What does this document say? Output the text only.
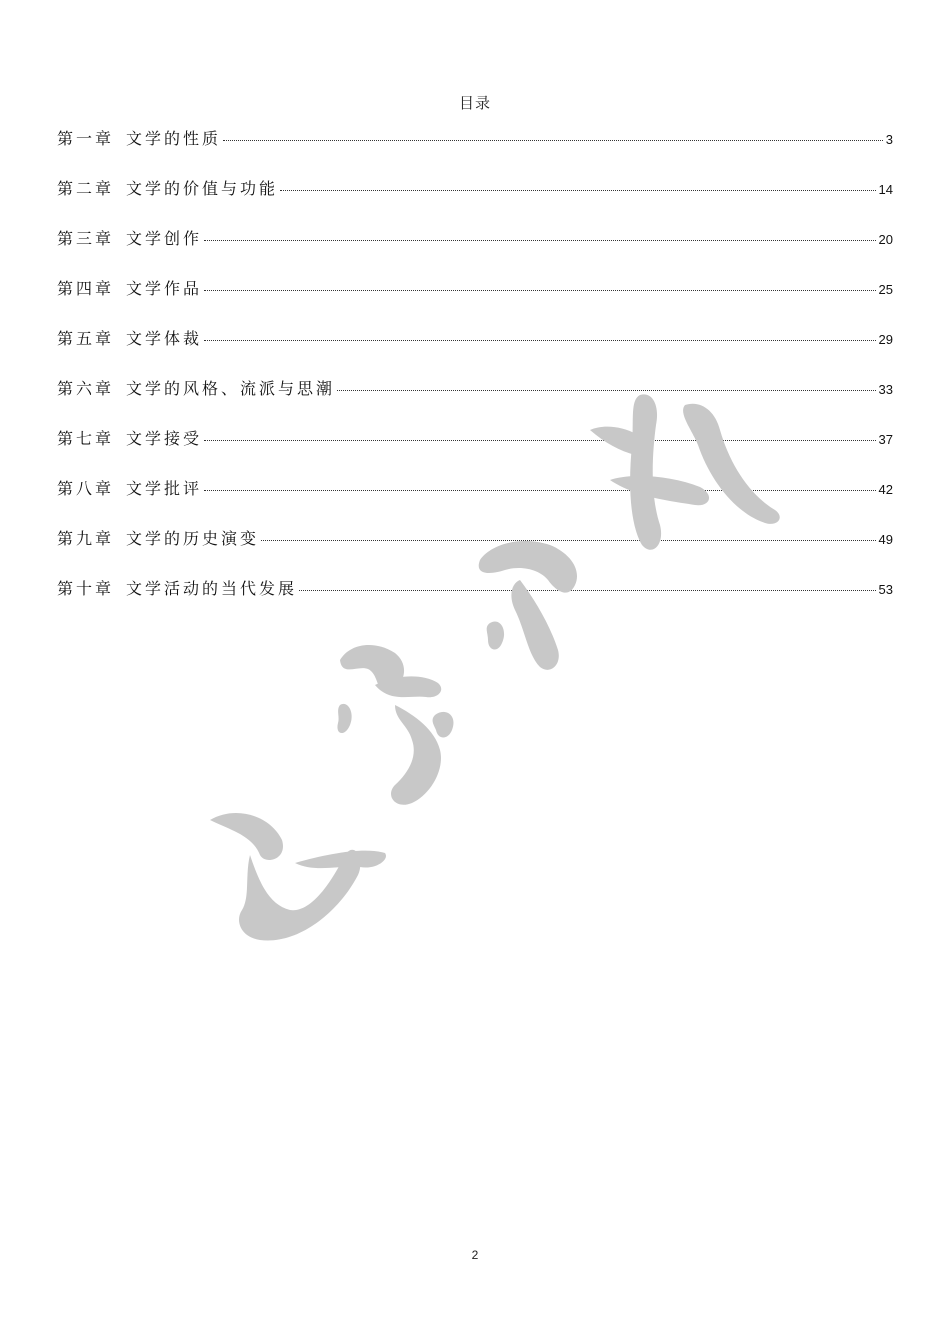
目录
第一章 文学的性质	3
第二章 文学的价值与功能	14
第三章 文学创作	20
第四章 文学作品	25
第五章 文学体裁	29
第六章 文学的风格、流派与思潮	33
第七章 文学接受	37
第八章 文学批评	42
第九章 文学的历史演变	49
第十章 文学活动的当代发展	53
2
